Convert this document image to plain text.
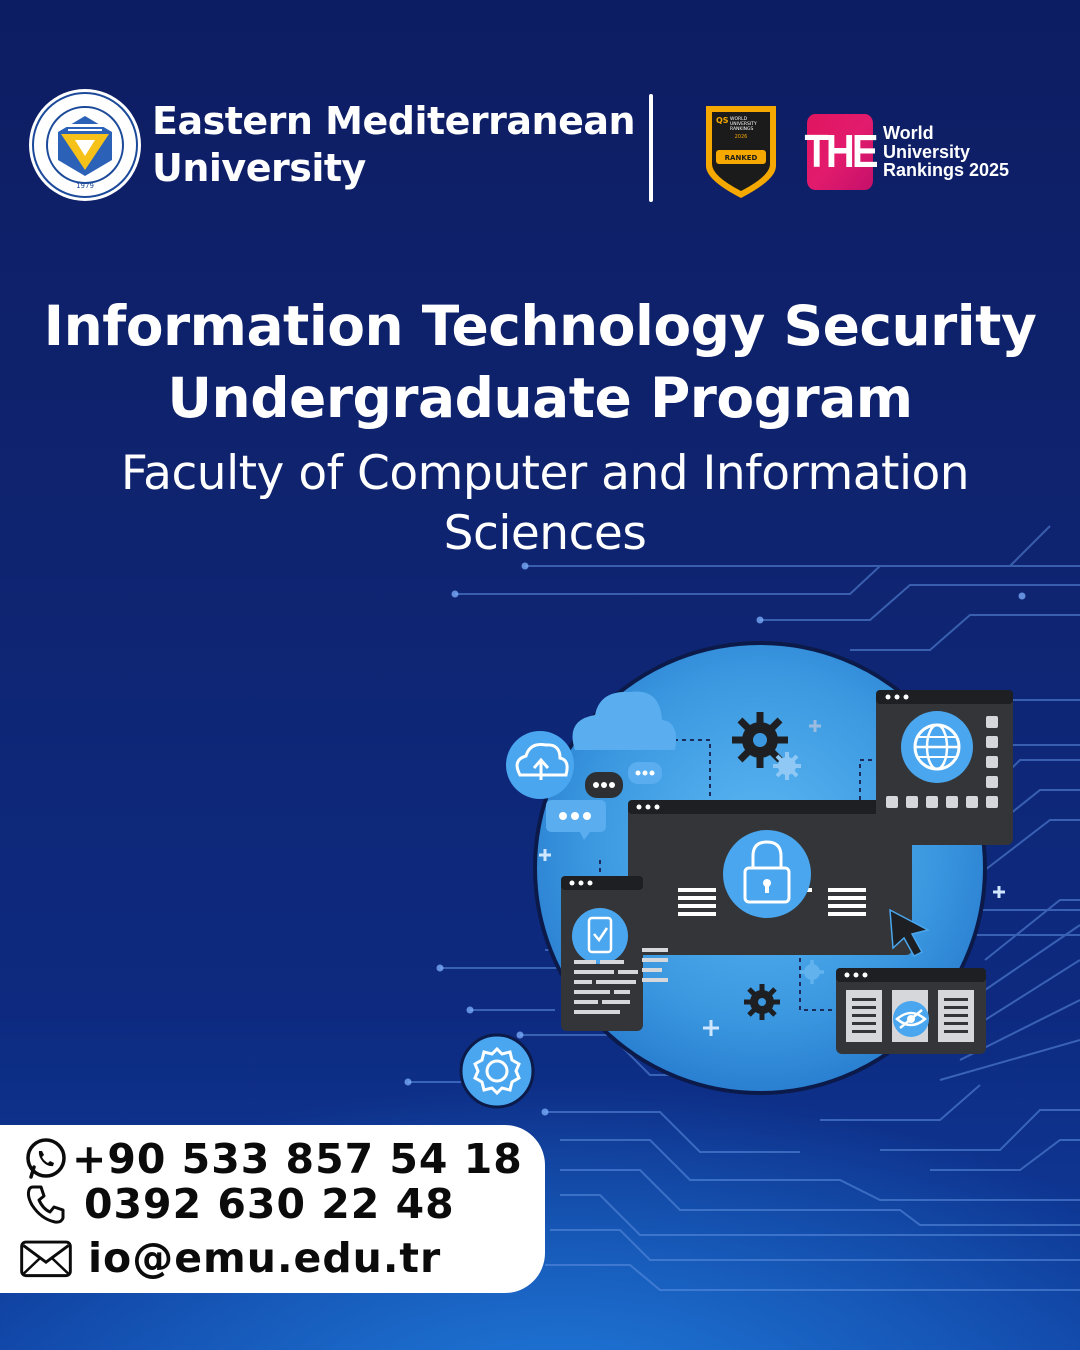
1979
Eastern Mediterranean
University
QS WORLD
UNIVERSITY
RANKINGS
2026
RANKED THE World
University
Rankings 2025
Information Technology Security
Undergraduate Program
Faculty of Computer and Information
Sciences
+90 533 857 54 18
0392 630 22 48
io@emu.edu.tr
